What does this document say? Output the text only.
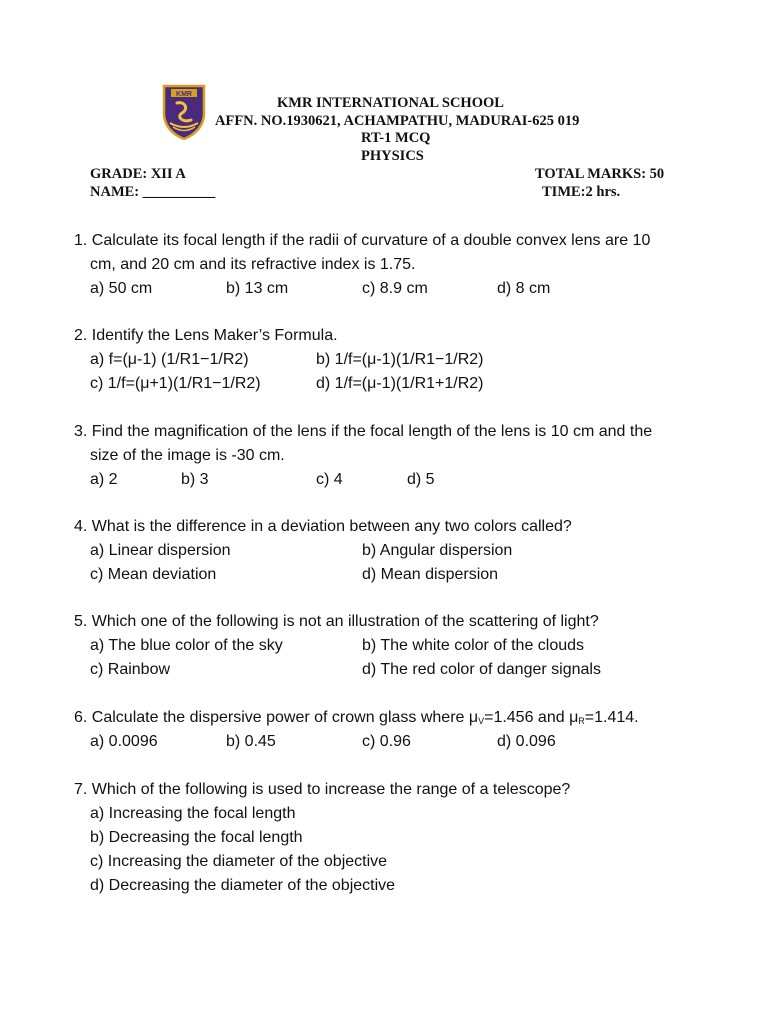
KMR
KMR INTERNATIONAL SCHOOL
AFFN. NO.1930621, ACHAMPATHU, MADURAI-625 019
RT-1 MCQ
PHYSICS
GRADE: XII A
NAME: __________
TOTAL MARKS: 50
TIME:2 hrs.
1. Calculate its focal length if the radii of curvature of a double convex lens are 10
cm, and 20 cm and its refractive index is 1.75.
a) 50 cm	b) 13 cm	c) 8.9 cm	d) 8 cm
2. Identify the Lens Maker’s Formula.
a) f=(μ-1) (1/R1−1/R2)	b) 1/f=(μ-1)(1/R1−1/R2)
c) 1/f=(μ+1)(1/R1−1/R2)	d) 1/f=(μ-1)(1/R1+1/R2)
3. Find the magnification of the lens if the focal length of the lens is 10 cm and the
size of the image is -30 cm.
a) 2	b) 3	c) 4	d) 5
4. What is the difference in a deviation between any two colors called?
a) Linear dispersion	b) Angular dispersion
c) Mean deviation	d) Mean dispersion
5. Which one of the following is not an illustration of the scattering of light?
a) The blue color of the sky	b) The white color of the clouds
c) Rainbow	d) The red color of danger signals
6. Calculate the dispersive power of crown glass where $\mu_V=1.456$ and $\mu_R=1.414$.
a) 0.0096	b) 0.45	c) 0.96	d) 0.096
7. Which of the following is used to increase the range of a telescope?
a) Increasing the focal length
b) Decreasing the focal length
c) Increasing the diameter of the objective
d) Decreasing the diameter of the objective
